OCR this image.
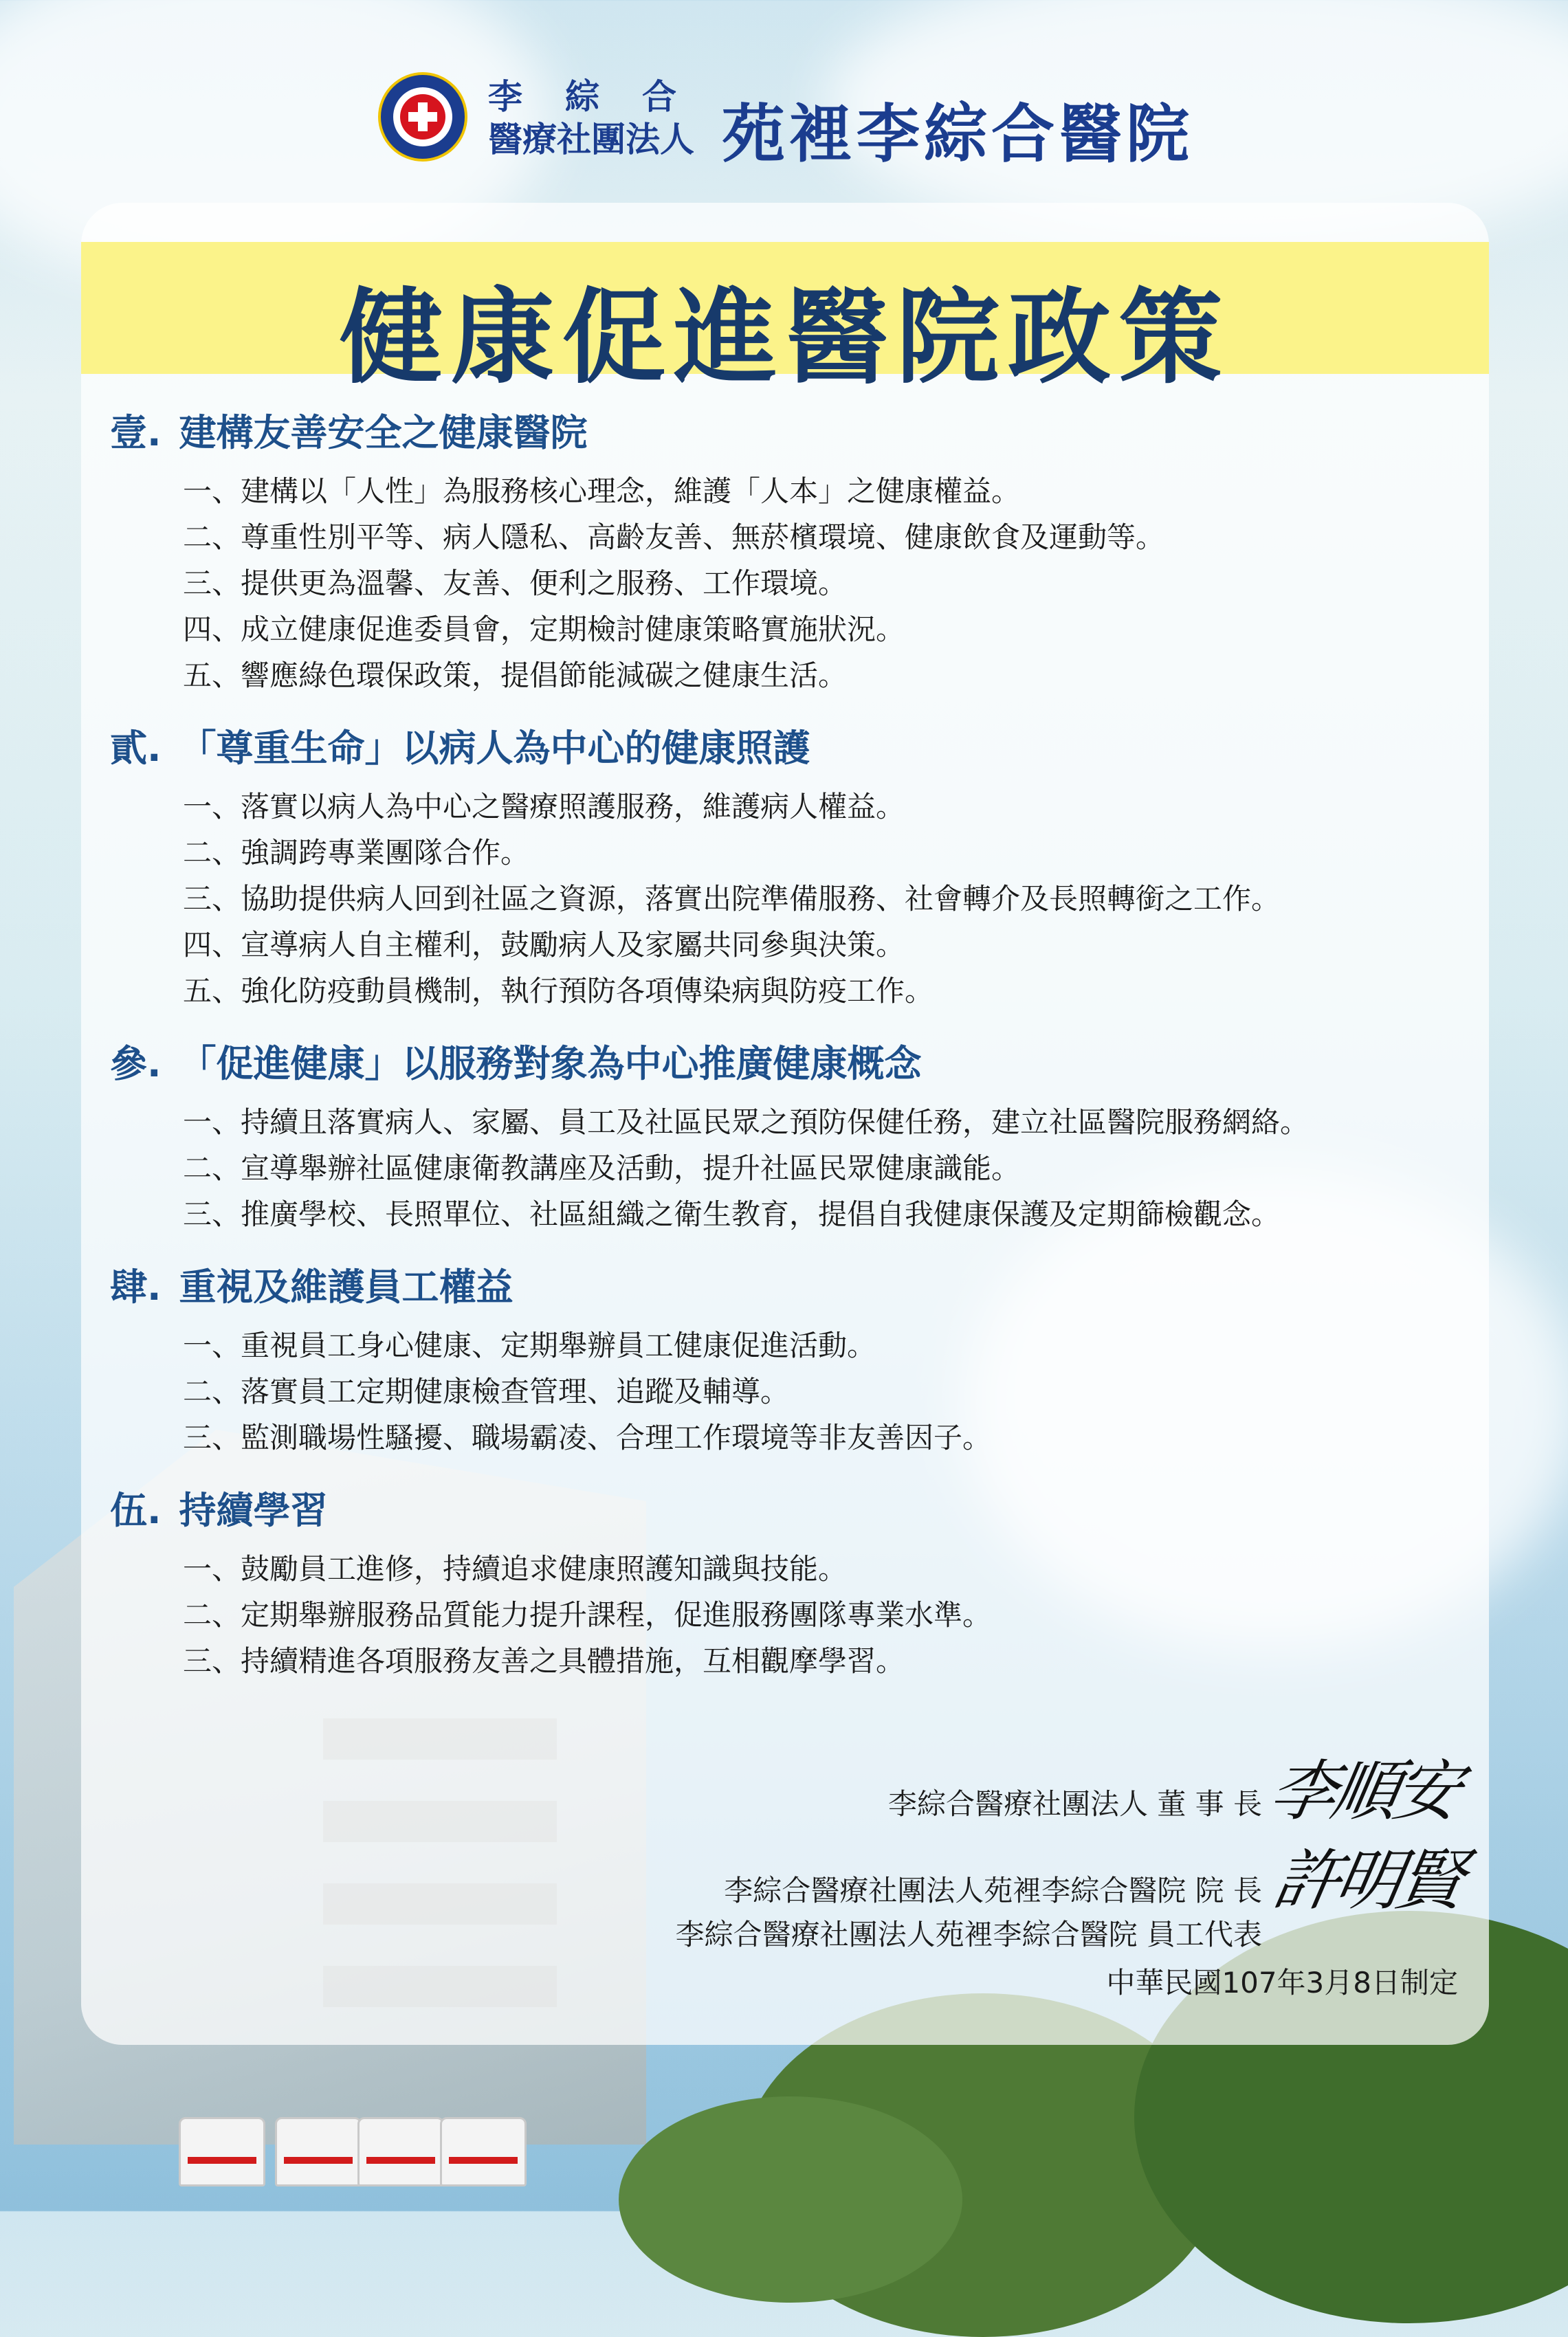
李綜合
醫療社團法人 苑裡李綜合醫院
健康促進醫院政策
壹. 建構友善安全之健康醫院
一、建構以「人性」為服務核心理念，維護「人本」之健康權益。
二、尊重性別平等、病人隱私、高齡友善、無菸檳環境、健康飲食及運動等。
三、提供更為溫馨、友善、便利之服務、工作環境。
四、成立健康促進委員會，定期檢討健康策略實施狀況。
五、響應綠色環保政策，提倡節能減碳之健康生活。
貳. 「尊重生命」以病人為中心的健康照護
一、落實以病人為中心之醫療照護服務，維護病人權益。
二、強調跨專業團隊合作。
三、協助提供病人回到社區之資源，落實出院準備服務、社會轉介及長照轉銜之工作。
四、宣導病人自主權利，鼓勵病人及家屬共同參與決策。
五、強化防疫動員機制，執行預防各項傳染病與防疫工作。
參. 「促進健康」以服務對象為中心推廣健康概念
一、持續且落實病人、家屬、員工及社區民眾之預防保健任務，建立社區醫院服務網絡。
二、宣導舉辦社區健康衛教講座及活動，提升社區民眾健康識能。
三、推廣學校、長照單位、社區組織之衛生教育，提倡自我健康保護及定期篩檢觀念。
肆. 重視及維護員工權益
一、重視員工身心健康、定期舉辦員工健康促進活動。
二、落實員工定期健康檢查管理、追蹤及輔導。
三、監測職場性騷擾、職場霸凌、合理工作環境等非友善因子。
伍. 持續學習
一、鼓勵員工進修，持續追求健康照護知識與技能。
二、定期舉辦服務品質能力提升課程，促進服務團隊專業水準。
三、持續精進各項服務友善之具體措施，互相觀摩學習。
李綜合醫療社團法人 董 事 長 李順安
李綜合醫療社團法人苑裡李綜合醫院 院 長 許明賢
李綜合醫療社團法人苑裡李綜合醫院 員工代表
中華民國107年3月8日制定
